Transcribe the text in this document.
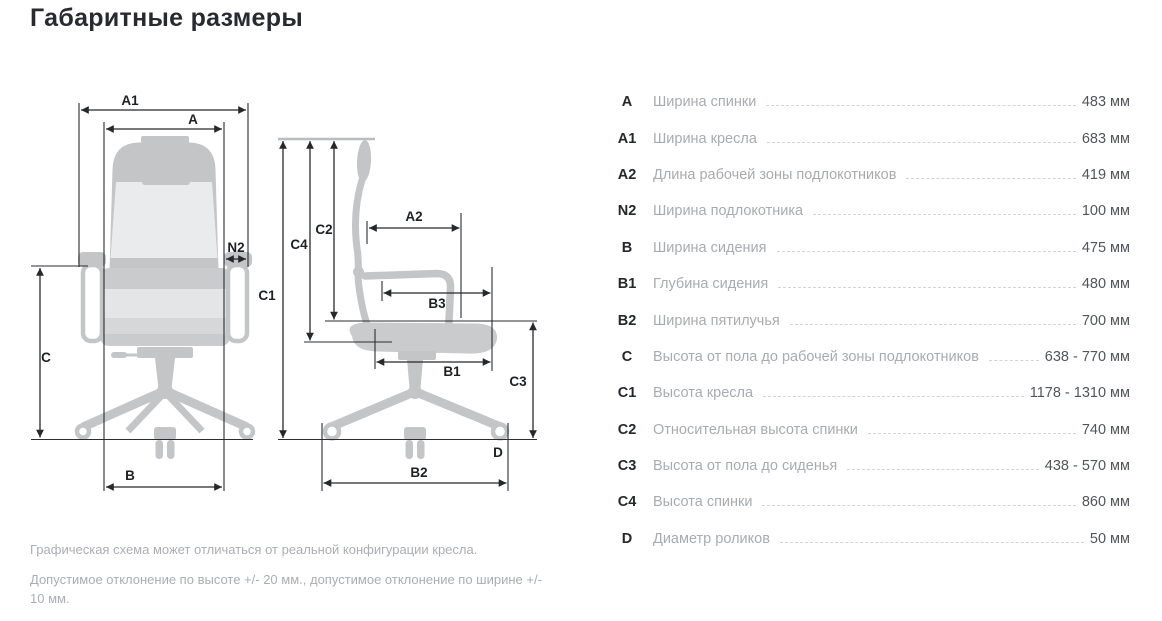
Габаритные размеры
A1
A
N2
C
B
C1
C4
C2
A2
B3
B1
C3
B2
D
A	Ширина спинки	483 мм
A1	Ширина кресла	683 мм
A2	Длина рабочей зоны подлокотников	419 мм
N2	Ширина подлокотника	100 мм
B	Ширина сидения	475 мм
B1	Глубина сидения	480 мм
B2	Ширина пятилучья	700 мм
C	Высота от пола до рабочей зоны подлокотников	638 - 770 мм
C1	Высота кресла	1178 - 1310 мм
C2	Относительная высота спинки	740 мм
C3	Высота от пола до сиденья	438 - 570 мм
C4	Высота спинки	860 мм
D	Диаметр роликов	50 мм

Графическая схема может отличаться от реальной конфигурации кресла.

Допустимое отклонение по высоте +/- 20 мм., допустимое отклонение по ширине +/- 10 мм.
